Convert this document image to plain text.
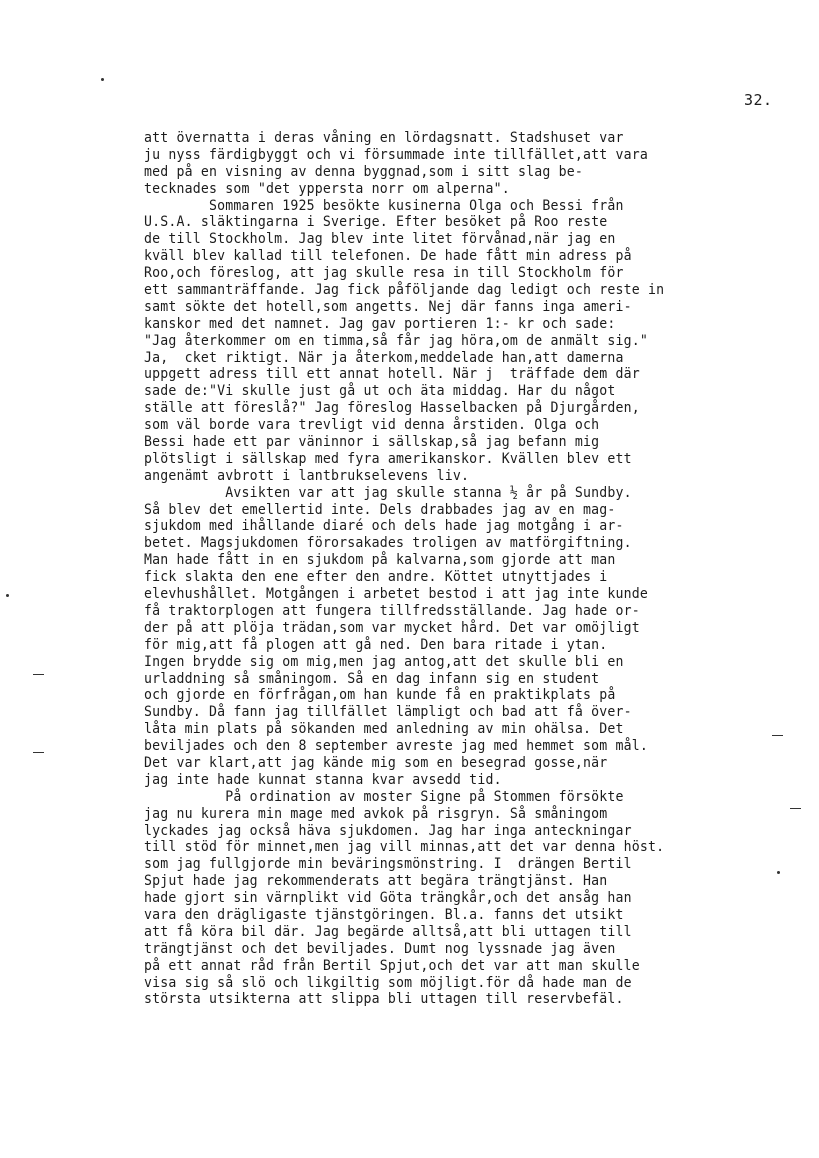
32.
att övernatta i deras våning en lördagsnatt. Stadshuset var
ju nyss färdigbyggt och vi försummade inte tillfället,att vara
med på en visning av denna byggnad,som i sitt slag be-
tecknades som "det yppersta norr om alperna".
Sommaren 1925 besökte kusinerna Olga och Bessi från
U.S.A. släktingarna i Sverige. Efter besöket på Roo reste
de till Stockholm. Jag blev inte litet förvånad,när jag en
kväll blev kallad till telefonen. De hade fått min adress på
Roo,och föreslog, att jag skulle resa in till Stockholm för
ett sammanträffande. Jag fick påföljande dag ledigt och reste in
samt sökte det hotell,som angetts. Nej där fanns inga ameri-
kanskor med det namnet. Jag gav portieren 1:- kr och sade:
"Jag återkommer om en timma,så får jag höra,om de anmält sig."
Ja,  cket riktigt. När ja återkom,meddelade han,att damerna
uppgett adress till ett annat hotell. När j  träffade dem där
sade de:"Vi skulle just gå ut och äta middag. Har du något
ställe att föreslå?" Jag föreslog Hasselbacken på Djurgården,
som väl borde vara trevligt vid denna årstiden. Olga och
Bessi hade ett par väninnor i sällskap,så jag befann mig
plötsligt i sällskap med fyra amerikanskor. Kvällen blev ett
angenämt avbrott i lantbrukselevens liv.
Avsikten var att jag skulle stanna ½ år på Sundby.
Så blev det emellertid inte. Dels drabbades jag av en mag-
sjukdom med ihållande diaré och dels hade jag motgång i ar-
betet. Magsjukdomen förorsakades troligen av matförgiftning.
Man hade fått in en sjukdom på kalvarna,som gjorde att man
fick slakta den ene efter den andre. Köttet utnyttjades i
elevhushållet. Motgången i arbetet bestod i att jag inte kunde
få traktorplogen att fungera tillfredsställande. Jag hade or-
der på att plöja trädan,som var mycket hård. Det var omöjligt
för mig,att få plogen att gå ned. Den bara ritade i ytan.
Ingen brydde sig om mig,men jag antog,att det skulle bli en
urladdning så småningom. Så en dag infann sig en student
och gjorde en förfrågan,om han kunde få en praktikplats på
Sundby. Då fann jag tillfället lämpligt och bad att få över-
låta min plats på sökanden med anledning av min ohälsa. Det
beviljades och den 8 september avreste jag med hemmet som mål.
Det var klart,att jag kände mig som en besegrad gosse,när
jag inte hade kunnat stanna kvar avsedd tid.
På ordination av moster Signe på Stommen försökte
jag nu kurera min mage med avkok på risgryn. Så småningom
lyckades jag också häva sjukdomen. Jag har inga anteckningar
till stöd för minnet,men jag vill minnas,att det var denna höst.
som jag fullgjorde min beväringsmönstring. I  drängen Bertil
Spjut hade jag rekommenderats att begära trängtjänst. Han
hade gjort sin värnplikt vid Göta trängkår,och det ansåg han
vara den drägligaste tjänstgöringen. Bl.a. fanns det utsikt
att få köra bil där. Jag begärde alltså,att bli uttagen till
trängtjänst och det beviljades. Dumt nog lyssnade jag även
på ett annat råd från Bertil Spjut,och det var att man skulle
visa sig så slö och likgiltig som möjligt.för då hade man de
största utsikterna att slippa bli uttagen till reservbefäl.
